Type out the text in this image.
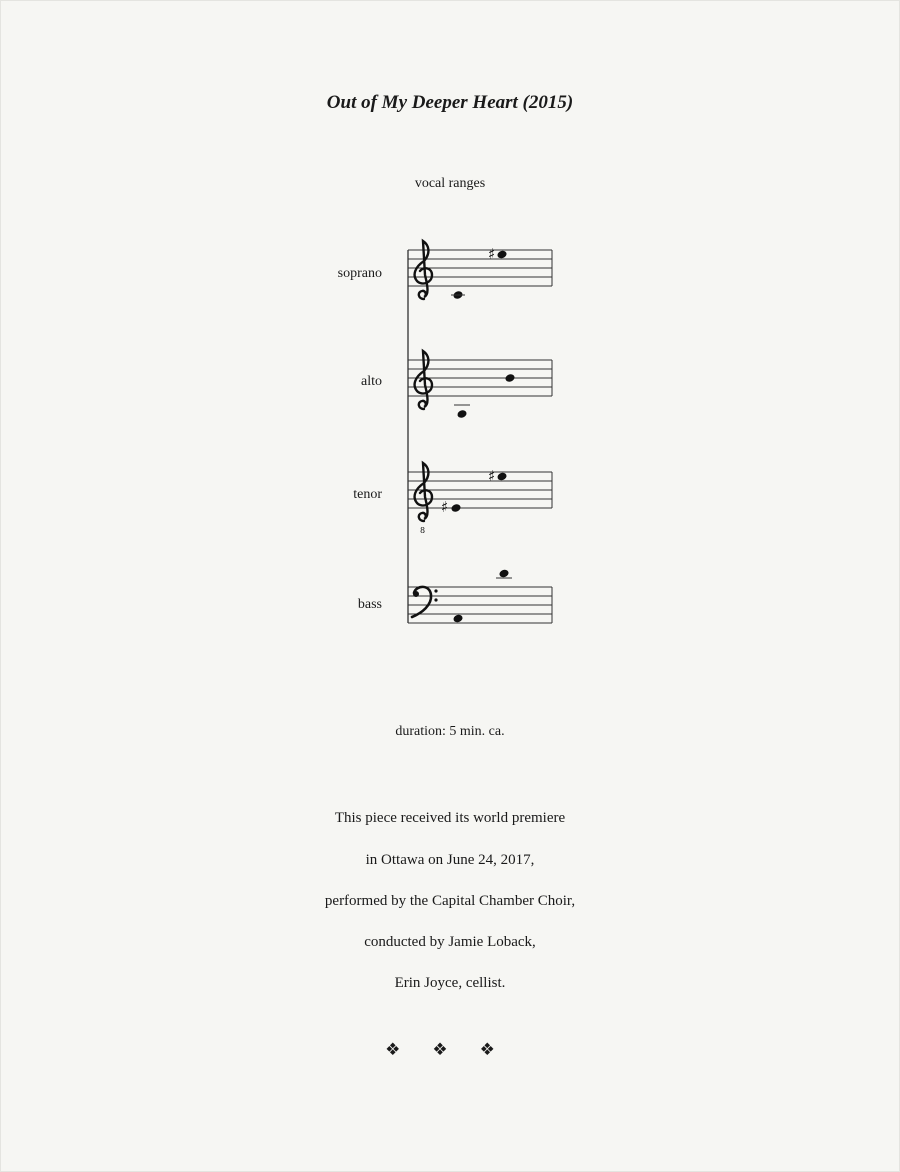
Out of My Deeper Heart (2015)
vocal ranges
soprano
alto
tenor
bass
♯
8
♯
♯
duration: 5 min. ca.
This piece received its world premiere
in Ottawa on June 24, 2017,
performed by the Capital Chamber Choir,
conducted by Jamie Loback,
Erin Joyce, cellist.
❖ ❖ ❖
